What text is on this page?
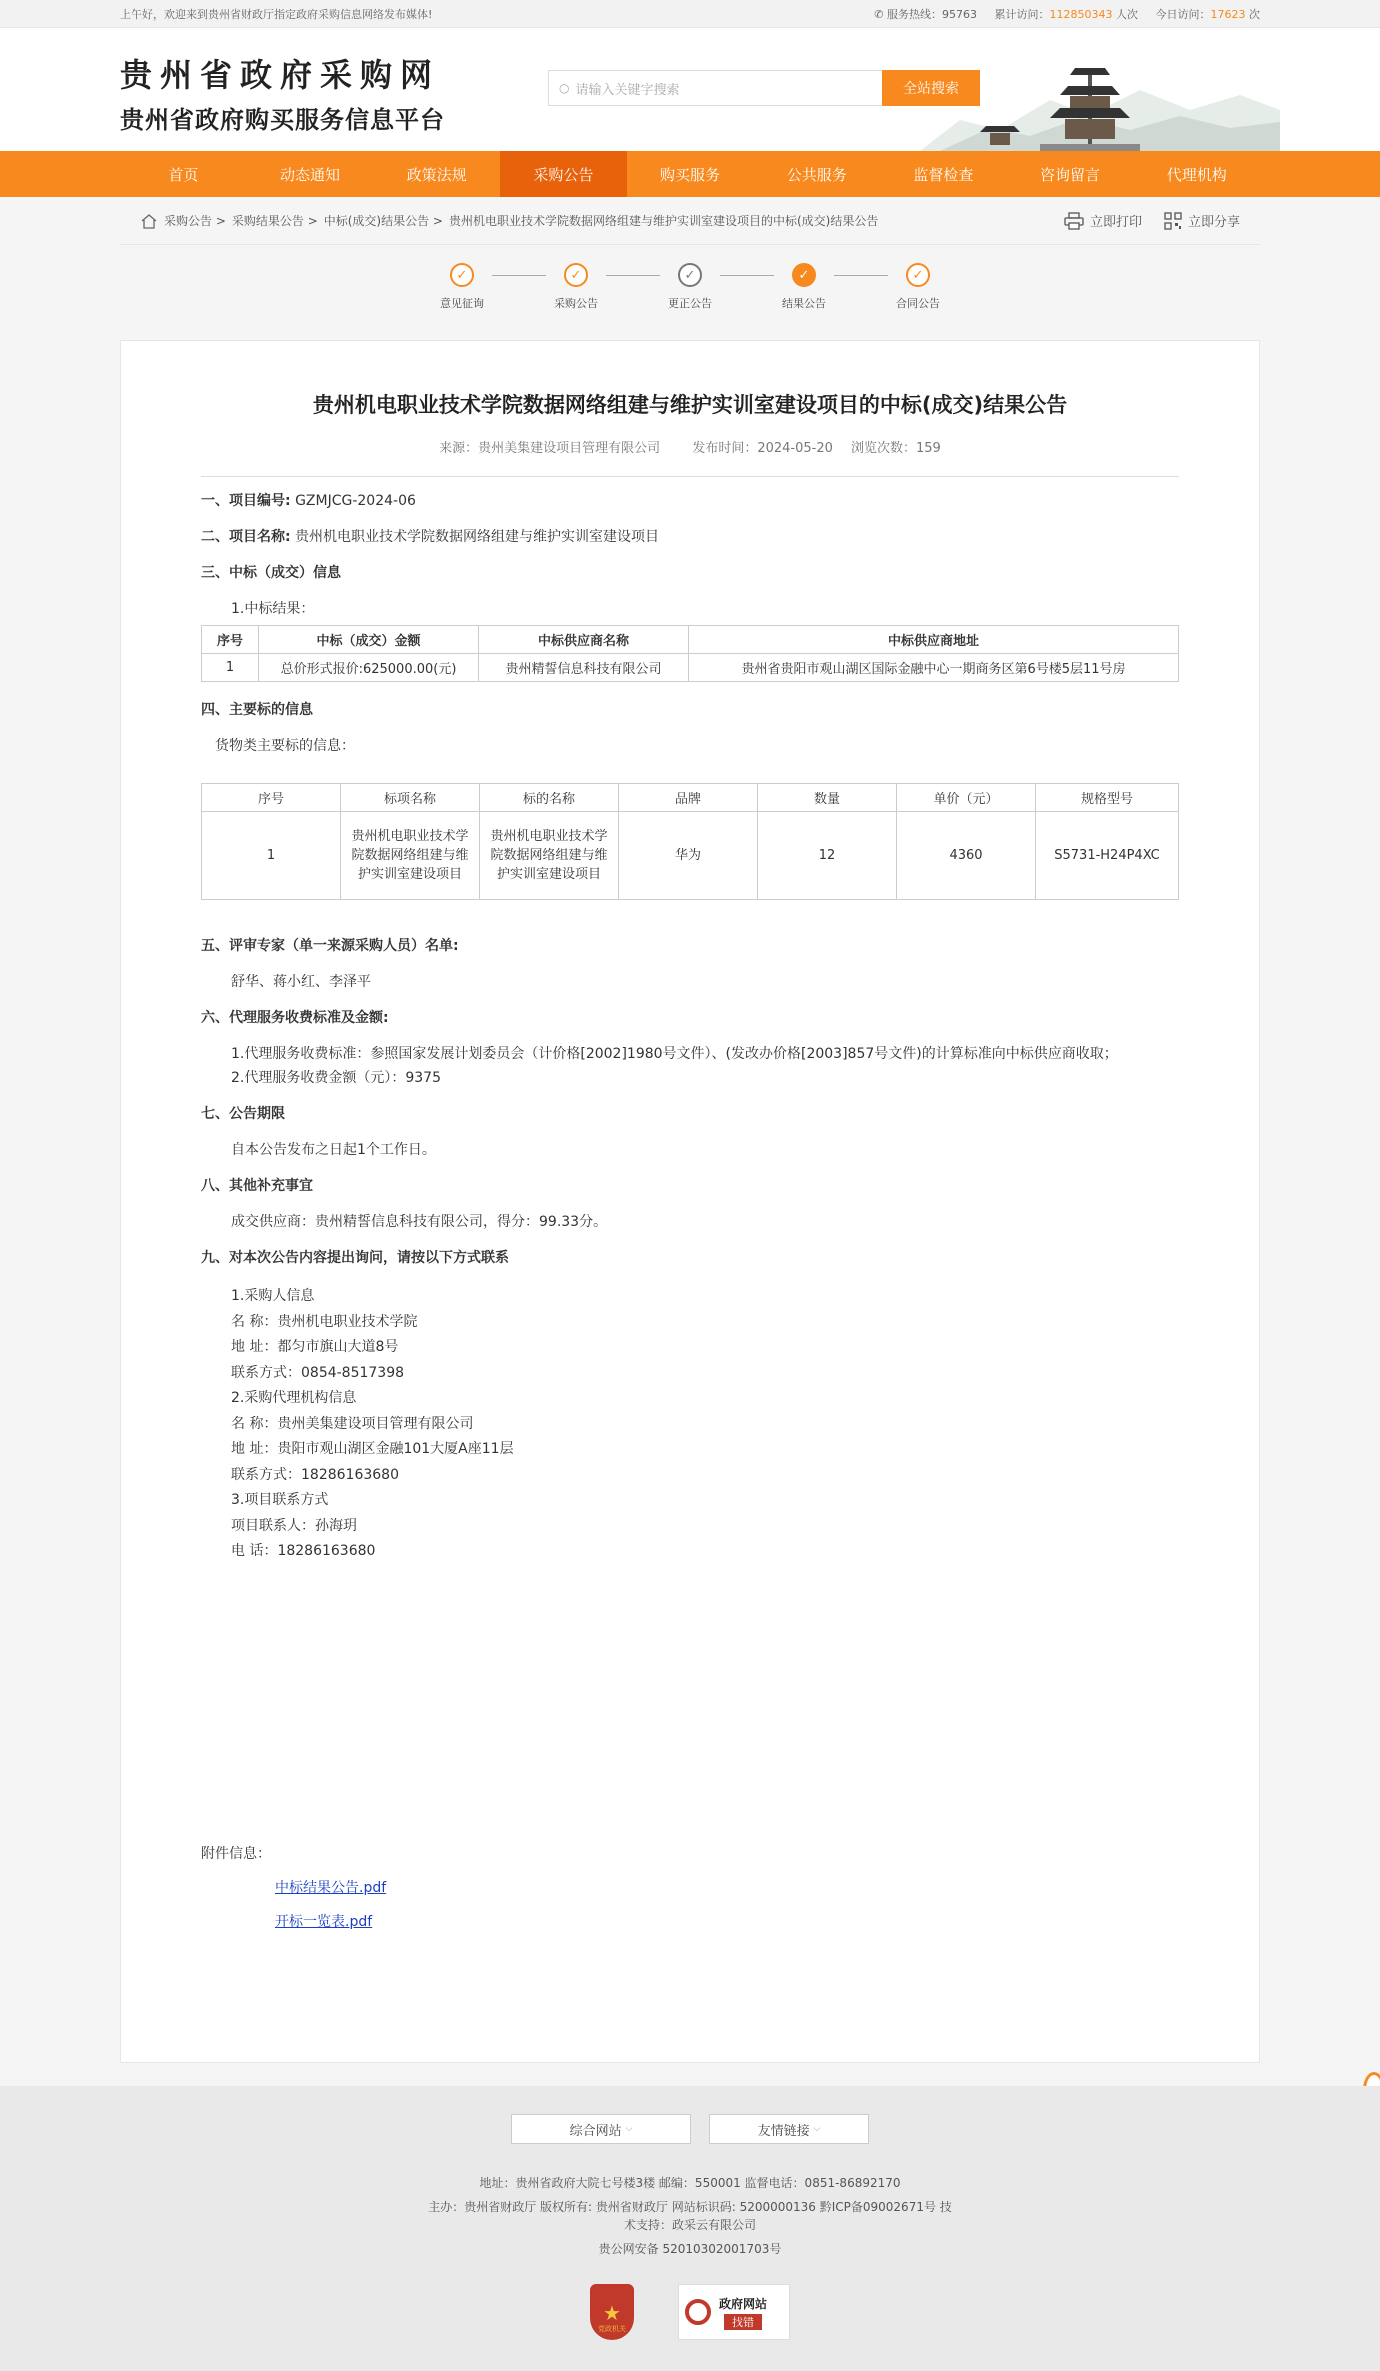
上午好，欢迎来到贵州省财政厅指定政府采购信息网络发布媒体!	✆ 服务热线：95763 累计访问：112850343 人次 今日访问：17623 次
贵州省政府采购网
贵州省政府购买服务信息平台
○ 请输入关键字搜索	全站搜索
首页	动态通知	政策法规	采购公告	购买服务	公共服务	监督检查	咨询留言	代理机构
采购公告 > 采购结果公告 > 中标(成交)结果公告 > 贵州机电职业技术学院数据网络组建与维护实训室建设项目的中标(成交)结果公告	立即打印	立即分享
✓
意见征询
✓
采购公告
✓
更正公告
✓
结果公告
✓
合同公告
贵州机电职业技术学院数据网络组建与维护实训室建设项目的中标(成交)结果公告
来源：贵州美集建设项目管理有限公司 发布时间：2024-05-20 浏览次数：159
一、项目编号: GZMJCG-2024-06
二、项目名称: 贵州机电职业技术学院数据网络组建与维护实训室建设项目
三、中标（成交）信息
1.中标结果：
序号	中标（成交）金额	中标供应商名称	中标供应商地址
1	总价形式报价:625000.00(元)	贵州精誓信息科技有限公司	贵州省贵阳市观山湖区国际金融中心一期商务区第6号楼5层11号房
四、主要标的信息
货物类主要标的信息：
序号	标项名称	标的名称	品牌	数量	单价（元）	规格型号
1	贵州机电职业技术学院数据网络组建与维护实训室建设项目	贵州机电职业技术学院数据网络组建与维护实训室建设项目	华为	12	4360	S5731-H24P4XC
五、评审专家（单一来源采购人员）名单:
舒华、蒋小红、李泽平
六、代理服务收费标准及金额:
1.代理服务收费标准：参照国家发展计划委员会（计价格[2002]1980号文件）、(发改办价格[2003]857号文件)的计算标准向中标供应商收取；
2.代理服务收费金额（元）：9375
七、公告期限
自本公告发布之日起1个工作日。
八、其他补充事宜
成交供应商：贵州精誓信息科技有限公司，得分：99.33分。
九、对本次公告内容提出询问，请按以下方式联系
1.采购人信息
名 称：贵州机电职业技术学院
地 址：都匀市旗山大道8号
联系方式：0854-8517398
2.采购代理机构信息
名 称：贵州美集建设项目管理有限公司
地 址：贵阳市观山湖区金融101大厦A座11层
联系方式：18286163680
3.项目联系方式
项目联系人：孙海玥
电 话：18286163680
附件信息：
中标结果公告.pdf
开标一览表.pdf
综合网站 ⌵	友情链接 ⌵
地址：贵州省政府大院七号楼3楼 邮编：550001 监督电话：0851-86892170
主办：贵州省财政厅 版权所有: 贵州省财政厅 网站标识码: 5200000136 黔ICP备09002671号 技
术支持：政采云有限公司
贵公网安备 52010302001703号
★
党政机关
政府网站
找错
